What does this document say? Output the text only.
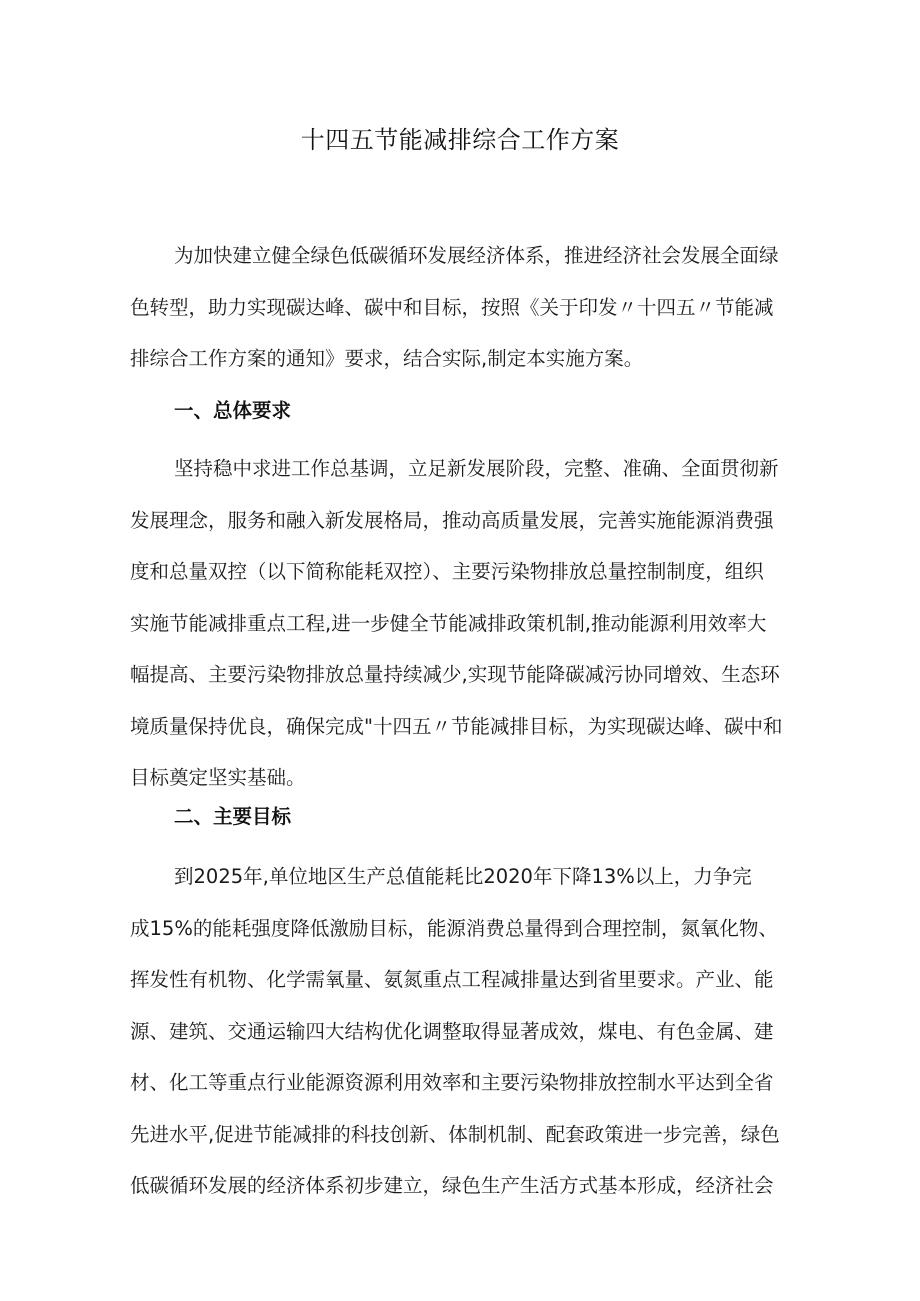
十四五节能减排综合工作方案
为加快建立健全绿色低碳循环发展经济体系，推进经济社会发展全面绿
色转型，助力实现碳达峰、碳中和目标，按照《关于印发〃十四五〃节能减
排综合工作方案的通知》要求，结合实际,制定本实施方案。
一、总体要求
坚持稳中求进工作总基调，立足新发展阶段，完整、准确、全面贯彻新
发展理念，服务和融入新发展格局，推动高质量发展，完善实施能源消费强
度和总量双控（以下简称能耗双控）、主要污染物排放总量控制制度，组织
实施节能减排重点工程,进一步健全节能减排政策机制,推动能源利用效率大
幅提高、主要污染物排放总量持续减少,实现节能降碳减污协同增效、生态环
境质量保持优良，确保完成"十四五〃节能减排目标，为实现碳达峰、碳中和
目标奠定坚实基础。
二、主要目标
到2025年,单位地区生产总值能耗比2020年下降13%以上，力争完
成15%的能耗强度降低激励目标，能源消费总量得到合理控制，氮氧化物、
挥发性有机物、化学需氧量、氨氮重点工程减排量达到省里要求。产业、能
源、建筑、交通运输四大结构优化调整取得显著成效，煤电、有色金属、建
材、化工等重点行业能源资源利用效率和主要污染物排放控制水平达到全省
先进水平,促进节能减排的科技创新、体制机制、配套政策进一步完善，绿色
低碳循环发展的经济体系初步建立，绿色生产生活方式基本形成，经济社会
